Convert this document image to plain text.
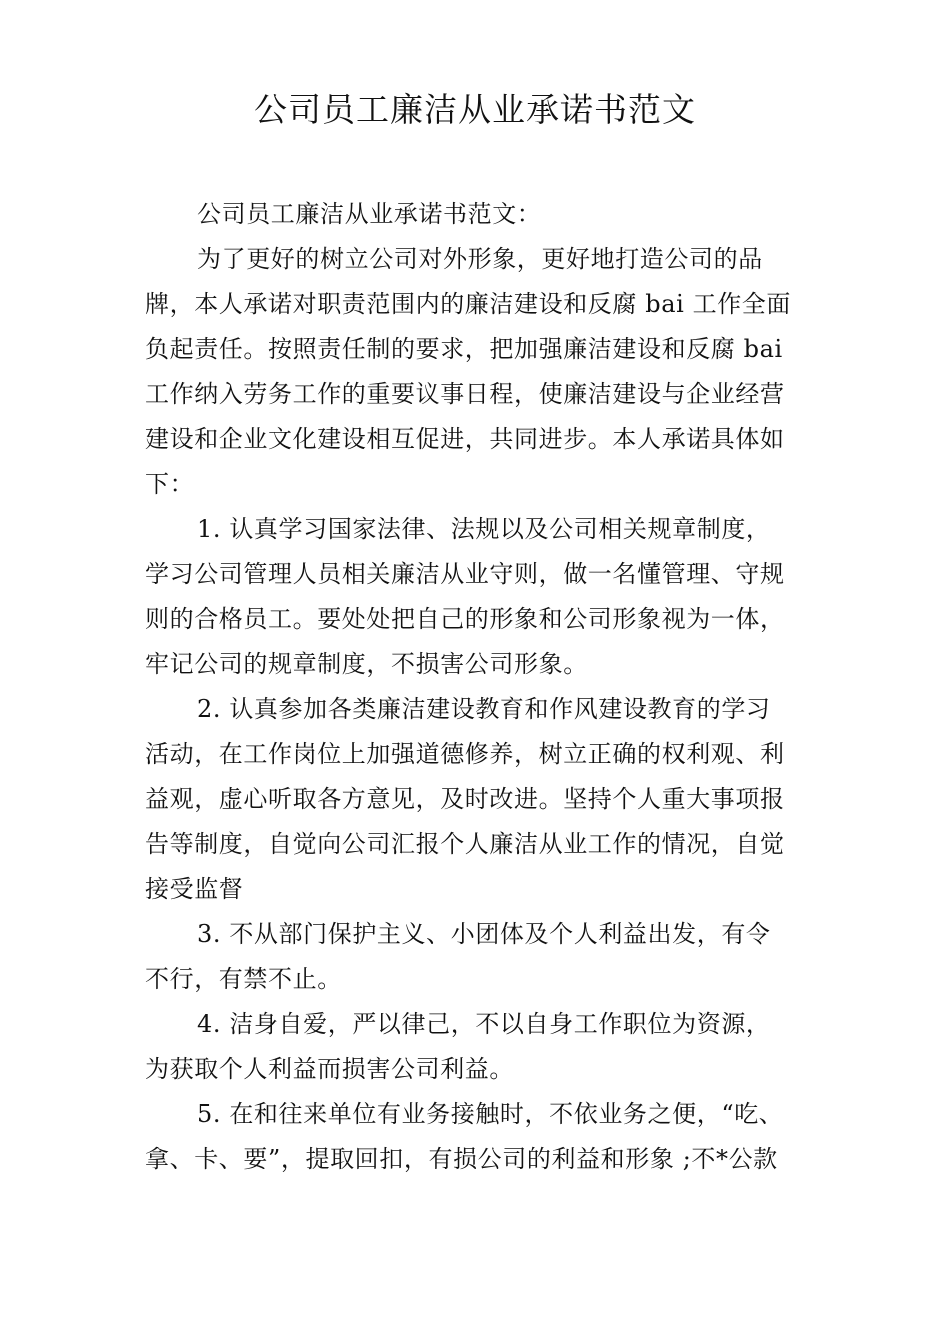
公司员工廉洁从业承诺书范文

公司员工廉洁从业承诺书范文：

为了更好的树立公司对外形象，更好地打造公司的品
牌，本人承诺对职责范围内的廉洁建设和反腐 bai 工作全面
负起责任。按照责任制的要求，把加强廉洁建设和反腐 bai
工作纳入劳务工作的重要议事日程，使廉洁建设与企业经营
建设和企业文化建设相互促进，共同进步。本人承诺具体如
下：

1. 认真学习国家法律、法规以及公司相关规章制度，
学习公司管理人员相关廉洁从业守则，做一名懂管理、守规
则的合格员工。要处处把自己的形象和公司形象视为一体，
牢记公司的规章制度，不损害公司形象。

2. 认真参加各类廉洁建设教育和作风建设教育的学习
活动，在工作岗位上加强道德修养，树立正确的权利观、利
益观，虚心听取各方意见，及时改进。坚持个人重大事项报
告等制度，自觉向公司汇报个人廉洁从业工作的情况，自觉
接受监督

3. 不从部门保护主义、小团体及个人利益出发，有令
不行，有禁不止。

4. 洁身自爱，严以律己，不以自身工作职位为资源，
为获取个人利益而损害公司利益。

5. 在和往来单位有业务接触时，不依业务之便，“吃、
拿、卡、要”，提取回扣，有损公司的利益和形象 ;不*公款
